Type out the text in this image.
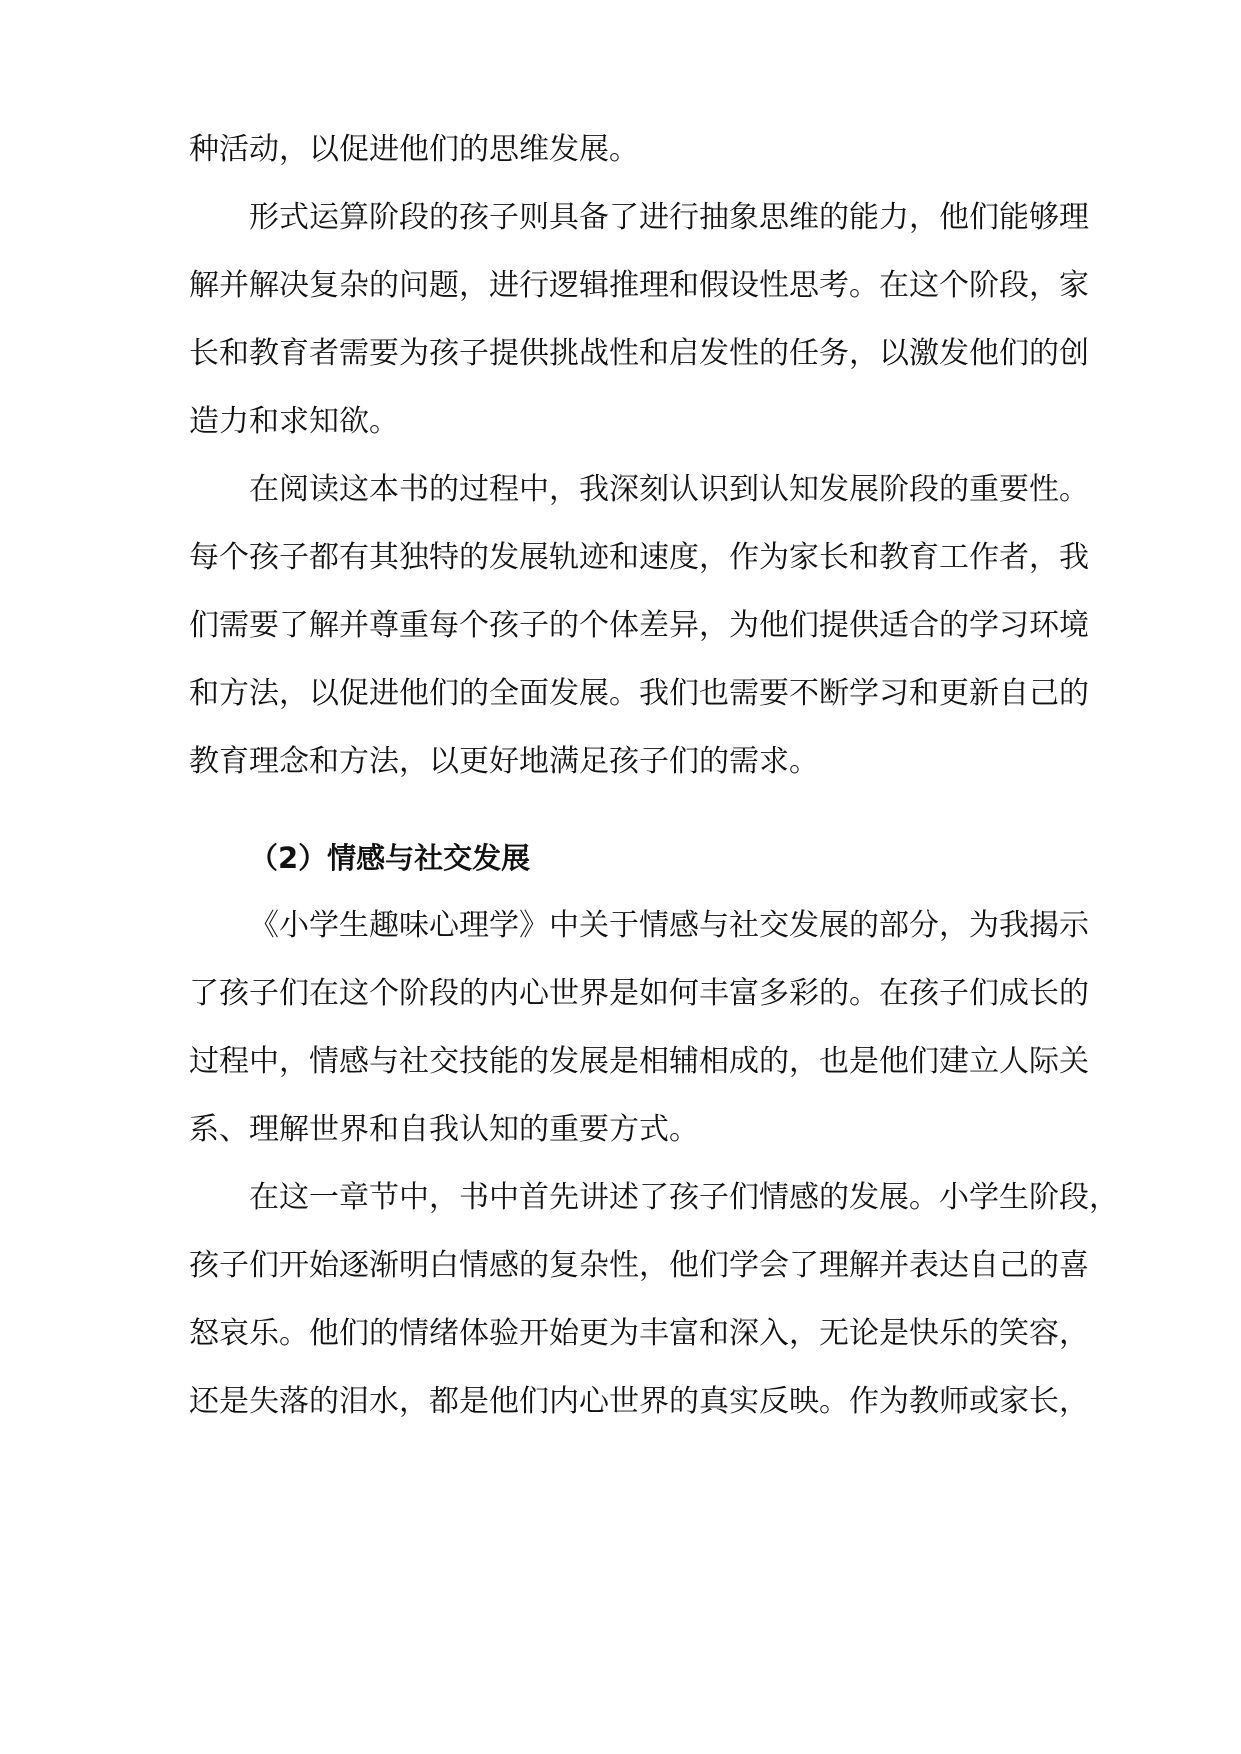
种活动，以促进他们的思维发展。
形式运算阶段的孩子则具备了进行抽象思维的能力，他们能够理
解并解决复杂的问题，进行逻辑推理和假设性思考。在这个阶段，家
长和教育者需要为孩子提供挑战性和启发性的任务，以激发他们的创
造力和求知欲。
在阅读这本书的过程中，我深刻认识到认知发展阶段的重要性。
每个孩子都有其独特的发展轨迹和速度，作为家长和教育工作者，我
们需要了解并尊重每个孩子的个体差异，为他们提供适合的学习环境
和方法，以促进他们的全面发展。我们也需要不断学习和更新自己的
教育理念和方法，以更好地满足孩子们的需求。
（2）情感与社交发展
《小学生趣味心理学》中关于情感与社交发展的部分，为我揭示
了孩子们在这个阶段的内心世界是如何丰富多彩的。在孩子们成长的
过程中，情感与社交技能的发展是相辅相成的，也是他们建立人际关
系、理解世界和自我认知的重要方式。
在这一章节中，书中首先讲述了孩子们情感的发展。小学生阶段，
孩子们开始逐渐明白情感的复杂性，他们学会了理解并表达自己的喜
怒哀乐。他们的情绪体验开始更为丰富和深入，无论是快乐的笑容，
还是失落的泪水，都是他们内心世界的真实反映。作为教师或家长，
